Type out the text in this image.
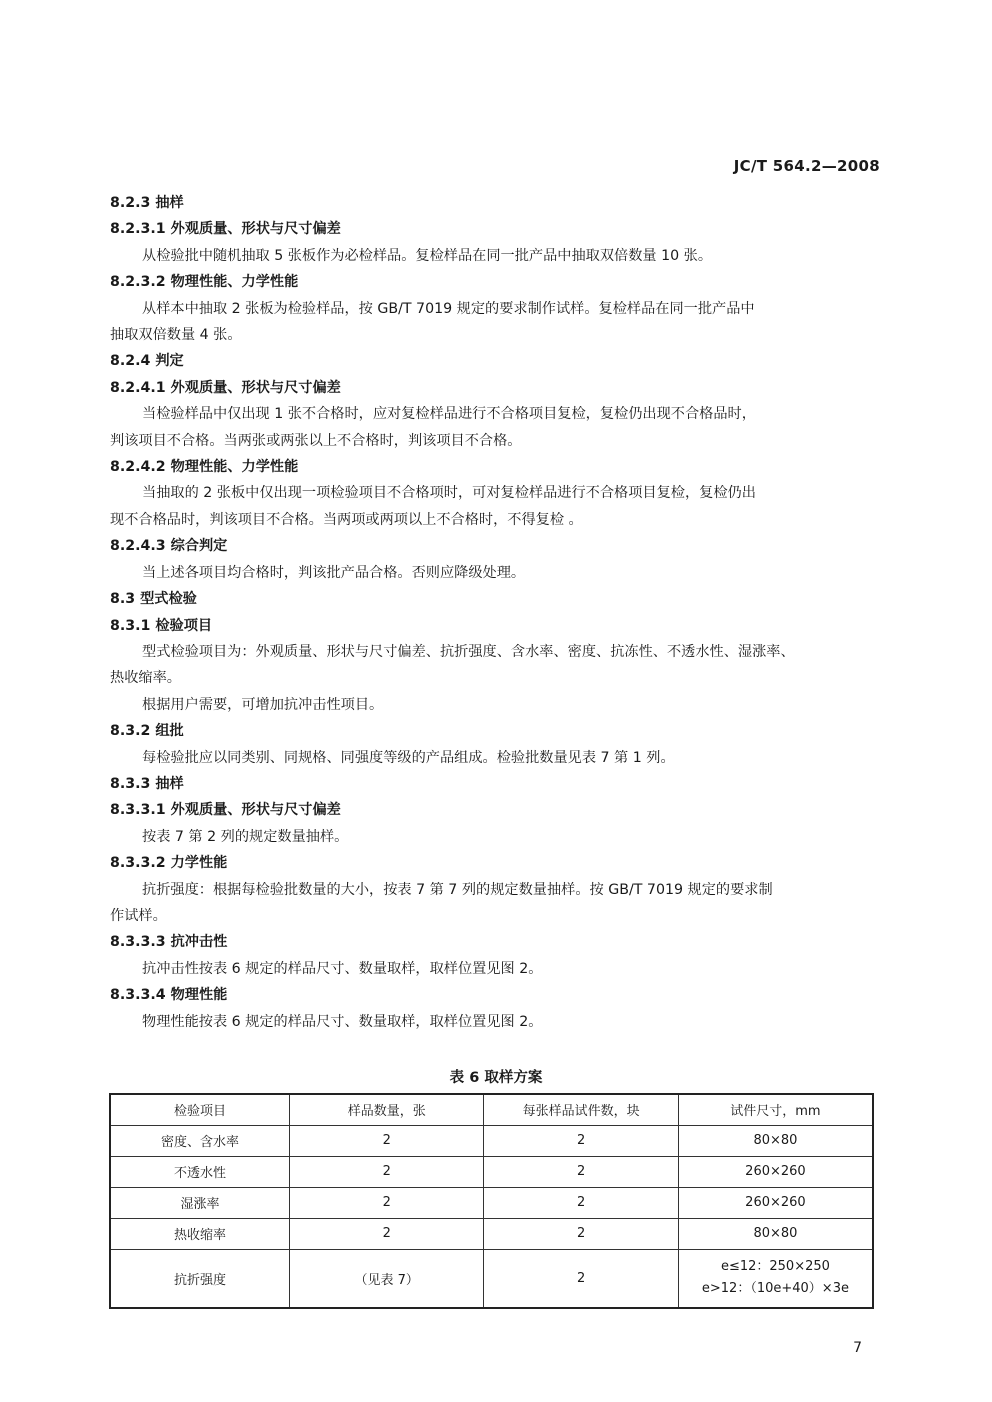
JC/T 564.2—2008
8.2.3 抽样
8.2.3.1 外观质量、形状与尺寸偏差
从检验批中随机抽取 5 张板作为必检样品。复检样品在同一批产品中抽取双倍数量 10 张。
8.2.3.2 物理性能、力学性能
从样本中抽取 2 张板为检验样品，按 GB/T 7019 规定的要求制作试样。复检样品在同一批产品中
抽取双倍数量 4 张。
8.2.4 判定
8.2.4.1 外观质量、形状与尺寸偏差
当检验样品中仅出现 1 张不合格时，应对复检样品进行不合格项目复检，复检仍出现不合格品时，
判该项目不合格。当两张或两张以上不合格时，判该项目不合格。
8.2.4.2 物理性能、力学性能
当抽取的 2 张板中仅出现一项检验项目不合格项时，可对复检样品进行不合格项目复检，复检仍出
现不合格品时，判该项目不合格。当两项或两项以上不合格时，不得复检 。
8.2.4.3 综合判定
当上述各项目均合格时，判该批产品合格。否则应降级处理。
8.3 型式检验
8.3.1 检验项目
型式检验项目为：外观质量、形状与尺寸偏差、抗折强度、含水率、密度、抗冻性、不透水性、湿涨率、
热收缩率。
根据用户需要，可增加抗冲击性项目。
8.3.2 组批
每检验批应以同类别、同规格、同强度等级的产品组成。检验批数量见表 7 第 1 列。
8.3.3 抽样
8.3.3.1 外观质量、形状与尺寸偏差
按表 7 第 2 列的规定数量抽样。
8.3.3.2 力学性能
抗折强度：根据每检验批数量的大小，按表 7 第 7 列的规定数量抽样。按 GB/T 7019 规定的要求制
作试样。
8.3.3.3 抗冲击性
抗冲击性按表 6 规定的样品尺寸、数量取样，取样位置见图 2。
8.3.3.4 物理性能
物理性能按表 6 规定的样品尺寸、数量取样，取样位置见图 2。
表 6 取样方案
检验项目	样品数量，张	每张样品试件数，块	试件尺寸，mm
密度、含水率	2	2	80×80
不透水性	2	2	260×260
湿涨率	2	2	260×260
热收缩率	2	2	80×80
抗折强度	（见表 7）	2	e≤12：250×250
e>12：（10e+40）×3e
7
